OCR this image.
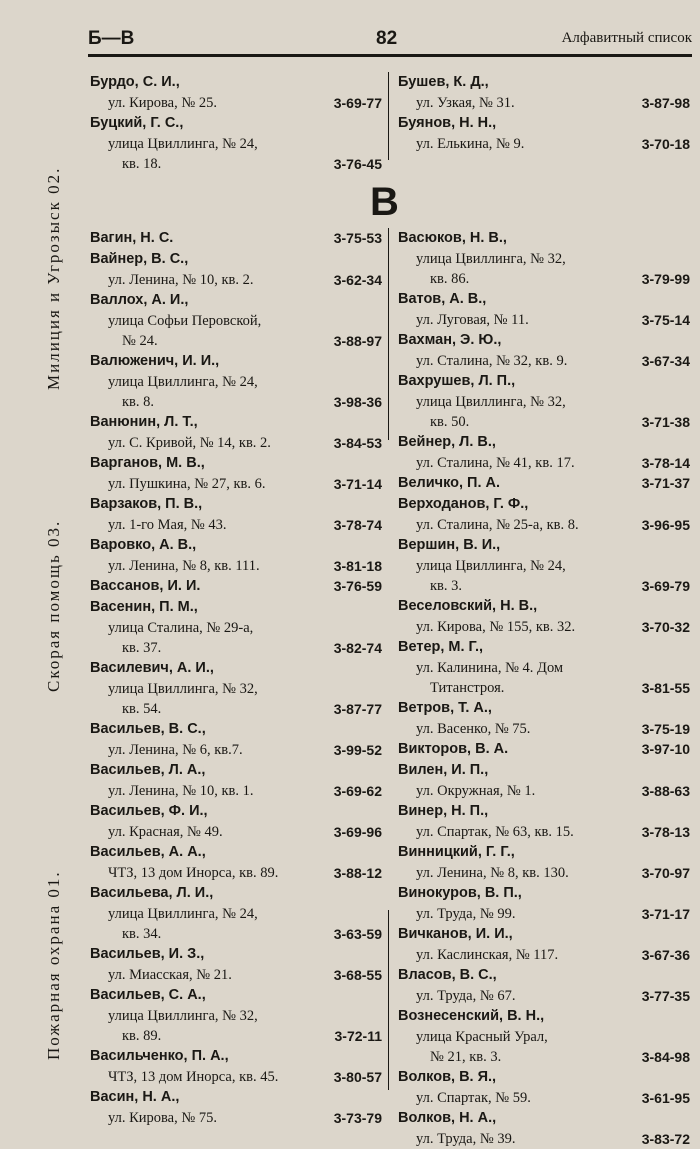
Б—В	82	Алфавитный список
Пожарная охрана 01.
Скорая помощь 03.
Милиция и Угрозыск 02.
Бурдо, С. И.,
ул. Кирова, № 25.	3-69-77
Буцкий, Г. С.,
улица Цвиллинга, № 24,
кв. 18.	3-76-45
Бушев, К. Д.,
ул. Узкая, № 31.	3-87-98
Буянов, Н. Н.,
ул. Елькина, № 9.	3-70-18
В
Вагин, Н. С.	3-75-53
Вайнер, В. С.,
ул. Ленина, № 10, кв. 2.	3-62-34
Валлох, А. И.,
улица Софьи Перовской,
№ 24.	3-88-97
Валюженич, И. И.,
улица Цвиллинга, № 24,
кв. 8.	3-98-36
Ванюнин, Л. Т.,
ул. С. Кривой, № 14, кв. 2.	3-84-53
Варганов, М. В.,
ул. Пушкина, № 27, кв. 6.	3-71-14
Варзаков, П. В.,
ул. 1-го Мая, № 43.	3-78-74
Варовко, А. В.,
ул. Ленина, № 8, кв. 111.	3-81-18
Вассанов, И. И.	3-76-59
Васенин, П. М.,
улица Сталина, № 29-а,
кв. 37.	3-82-74
Василевич, А. И.,
улица Цвиллинга, № 32,
кв. 54.	3-87-77
Васильев, В. С.,
ул. Ленина, № 6, кв.7.	3-99-52
Васильев, Л. А.,
ул. Ленина, № 10, кв. 1.	3-69-62
Васильев, Ф. И.,
ул. Красная, № 49.	3-69-96
Васильев, А. А.,
ЧТЗ, 13 дом Инорса, кв. 89.	3-88-12
Васильева, Л. И.,
улица Цвиллинга, № 24,
кв. 34.	3-63-59
Васильев, И. З.,
ул. Миасская, № 21.	3-68-55
Васильев, С. А.,
улица Цвиллинга, № 32,
кв. 89.	3-72-11
Васильченко, П. А.,
ЧТЗ, 13 дом Инорса, кв. 45.	3-80-57
Васин, Н. А.,
ул. Кирова, № 75.	3-73-79
Васюков, Н. В.,
улица Цвиллинга, № 32,
кв. 86.	3-79-99
Ватов, А. В.,
ул. Луговая, № 11.	3-75-14
Вахман, Э. Ю.,
ул. Сталина, № 32, кв. 9.	3-67-34
Вахрушев, Л. П.,
улица Цвиллинга, № 32,
кв. 50.	3-71-38
Вейнер, Л. В.,
ул. Сталина, № 41, кв. 17.	3-78-14
Величко, П. А.	3-71-37
Верходанов, Г. Ф.,
ул. Сталина, № 25-а, кв. 8.	3-96-95
Вершин, В. И.,
улица Цвиллинга, № 24,
кв. 3.	3-69-79
Веселовский, Н. В.,
ул. Кирова, № 155, кв. 32.	3-70-32
Ветер, М. Г.,
ул. Калинина, № 4. Дом
Титанстроя.	3-81-55
Ветров, Т. А.,
ул. Васенко, № 75.	3-75-19
Викторов, В. А.	3-97-10
Вилен, И. П.,
ул. Окружная, № 1.	3-88-63
Винер, Н. П.,
ул. Спартак, № 63, кв. 15.	3-78-13
Винницкий, Г. Г.,
ул. Ленина, № 8, кв. 130.	3-70-97
Винокуров, В. П.,
ул. Труда, № 99.	3-71-17
Вичканов, И. И.,
ул. Каслинская, № 117.	3-67-36
Власов, В. С.,
ул. Труда, № 67.	3-77-35
Вознесенский, В. Н.,
улица Красный Урал,
№ 21, кв. 3.	3-84-98
Волков, В. Я.,
ул. Спартак, № 59.	3-61-95
Волков, Н. А.,
ул. Труда, № 39.	3-83-72
